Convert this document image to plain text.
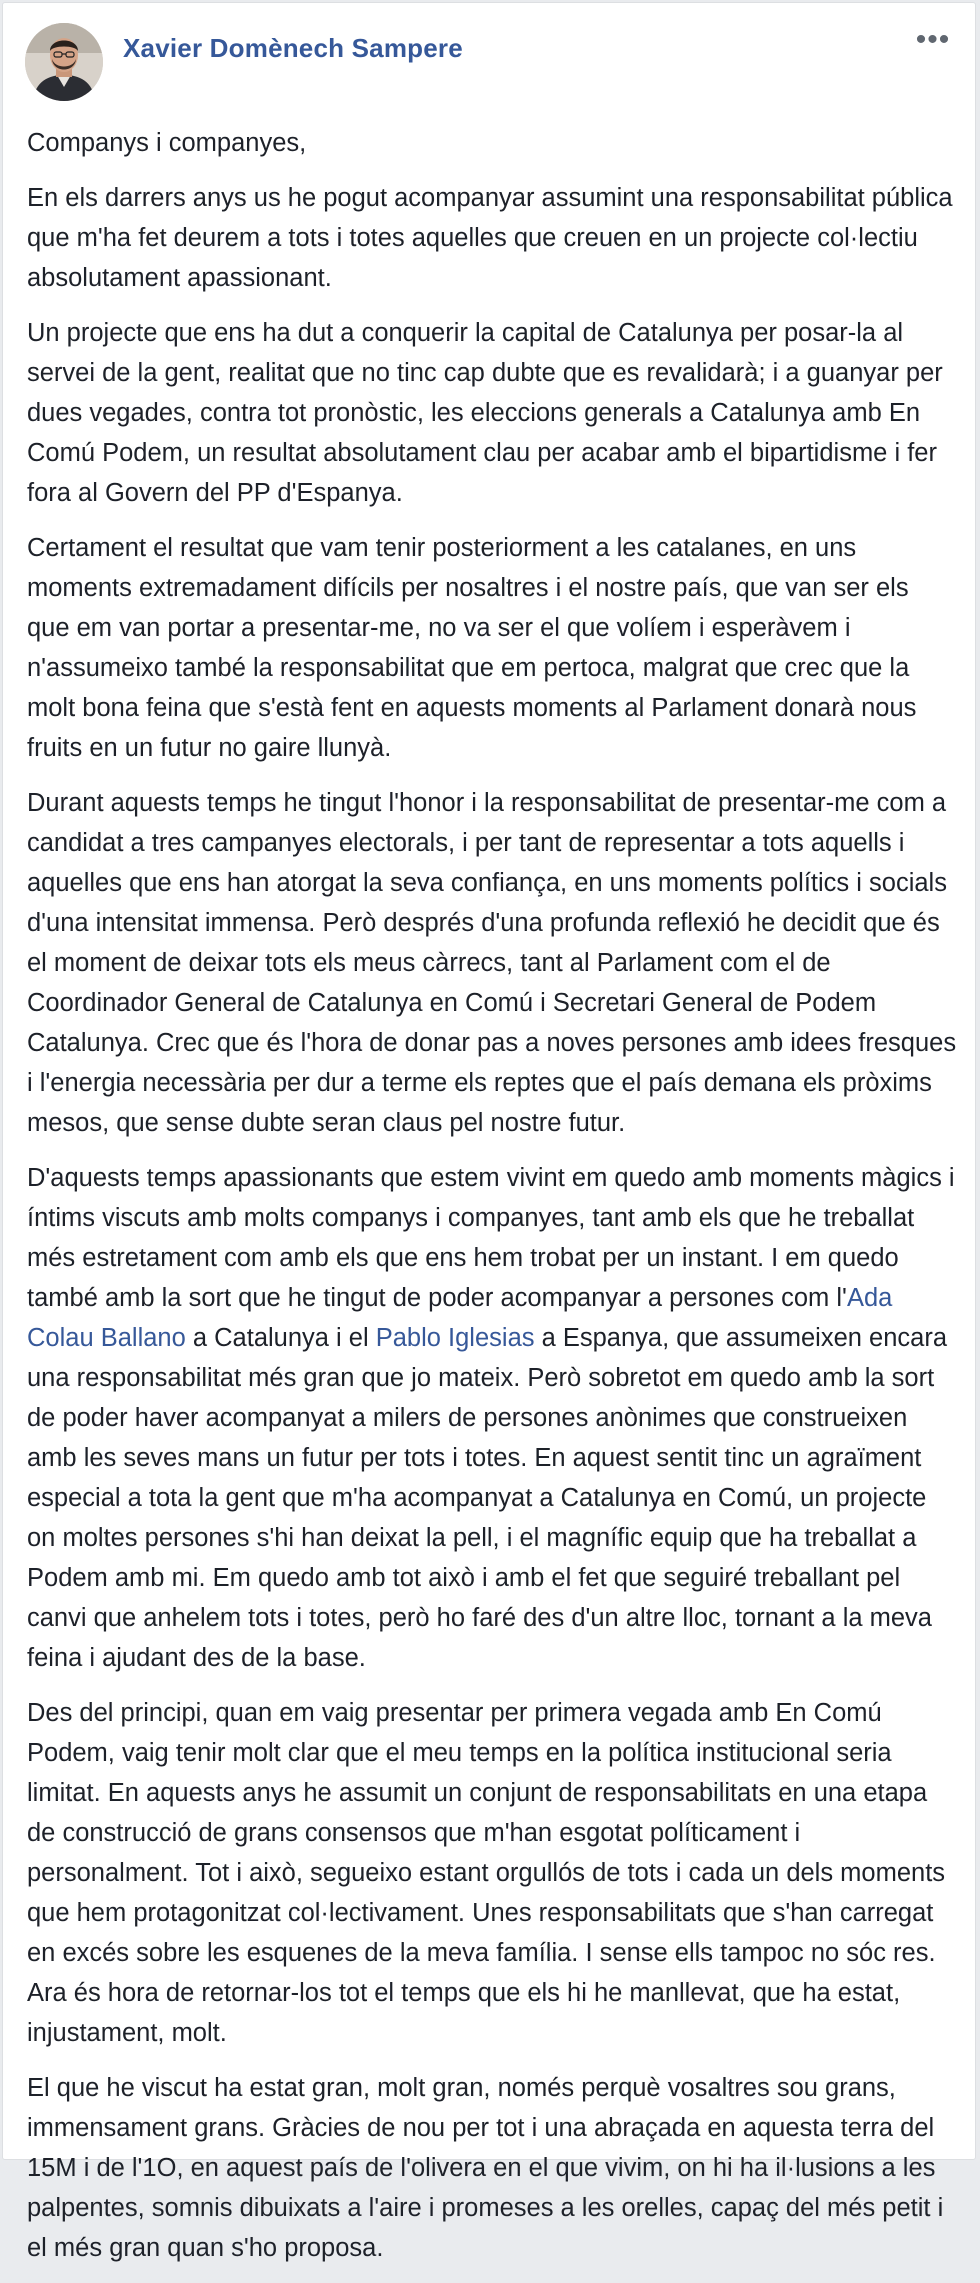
Xavier Domènech Sampere	•••

Companys i companyes,

En els darrers anys us he pogut acompanyar assumint una responsabilitat pública que m'ha fet deurem a tots i totes aquelles que creuen en un projecte col·lectiu absolutament apassionant.

Un projecte que ens ha dut a conquerir la capital de Catalunya per posar-la al servei de la gent, realitat que no tinc cap dubte que es revalidarà; i a guanyar per dues vegades, contra tot pronòstic, les eleccions generals a Catalunya amb En Comú Podem, un resultat absolutament clau per acabar amb el bipartidisme i fer fora al Govern del PP d'Espanya.

Certament el resultat que vam tenir posteriorment a les catalanes, en uns moments extremadament difícils per nosaltres i el nostre país, que van ser els que em van portar a presentar-me, no va ser el que volíem i esperàvem i n'assumeixo també la responsabilitat que em pertoca, malgrat que crec que la molt bona feina que s'està fent en aquests moments al Parlament donarà nous fruits en un futur no gaire llunyà.

Durant aquests temps he tingut l'honor i la responsabilitat de presentar-me com a candidat a tres campanyes electorals, i per tant de representar a tots aquells i aquelles que ens han atorgat la seva confiança, en uns moments polítics i socials d'una intensitat immensa. Però després d'una profunda reflexió he decidit que és el moment de deixar tots els meus càrrecs, tant al Parlament com el de Coordinador General de Catalunya en Comú i Secretari General de Podem Catalunya. Crec que és l'hora de donar pas a noves persones amb idees fresques i l'energia necessària per dur a terme els reptes que el país demana els pròxims mesos, que sense dubte seran claus pel nostre futur.

D'aquests temps apassionants que estem vivint em quedo amb moments màgics i íntims viscuts amb molts companys i companyes, tant amb els que he treballat més estretament com amb els que ens hem trobat per un instant. I em quedo també amb la sort que he tingut de poder acompanyar a persones com l'Ada Colau Ballano a Catalunya i el Pablo Iglesias a Espanya, que assumeixen encara una responsabilitat més gran que jo mateix. Però sobretot em quedo amb la sort de poder haver acompanyat a milers de persones anònimes que construeixen amb les seves mans un futur per tots i totes. En aquest sentit tinc un agraïment especial a tota la gent que m'ha acompanyat a Catalunya en Comú, un projecte on moltes persones s'hi han deixat la pell, i el magnífic equip que ha treballat a Podem amb mi. Em quedo amb tot això i amb el fet que seguiré treballant pel canvi que anhelem tots i totes, però ho faré des d'un altre lloc, tornant a la meva feina i ajudant des de la base.

Des del principi, quan em vaig presentar per primera vegada amb En Comú Podem, vaig tenir molt clar que el meu temps en la política institucional seria limitat. En aquests anys he assumit un conjunt de responsabilitats en una etapa de construcció de grans consensos que m'han esgotat políticament i personalment. Tot i això, segueixo estant orgullós de tots i cada un dels moments que hem protagonitzat col·lectivament. Unes responsabilitats que s'han carregat en excés sobre les esquenes de la meva família. I sense ells tampoc no sóc res. Ara és hora de retornar-los tot el temps que els hi he manllevat, que ha estat, injustament, molt.

El que he viscut ha estat gran, molt gran, només perquè vosaltres sou grans, immensament grans. Gràcies de nou per tot i una abraçada en aquesta terra del 15M i de l'1O, en aquest país de l'olivera en el que vivim, on hi ha il·lusions a les palpentes, somnis dibuixats a l'aire i promeses a les orelles, capaç del més petit i el més gran quan s'ho proposa.
